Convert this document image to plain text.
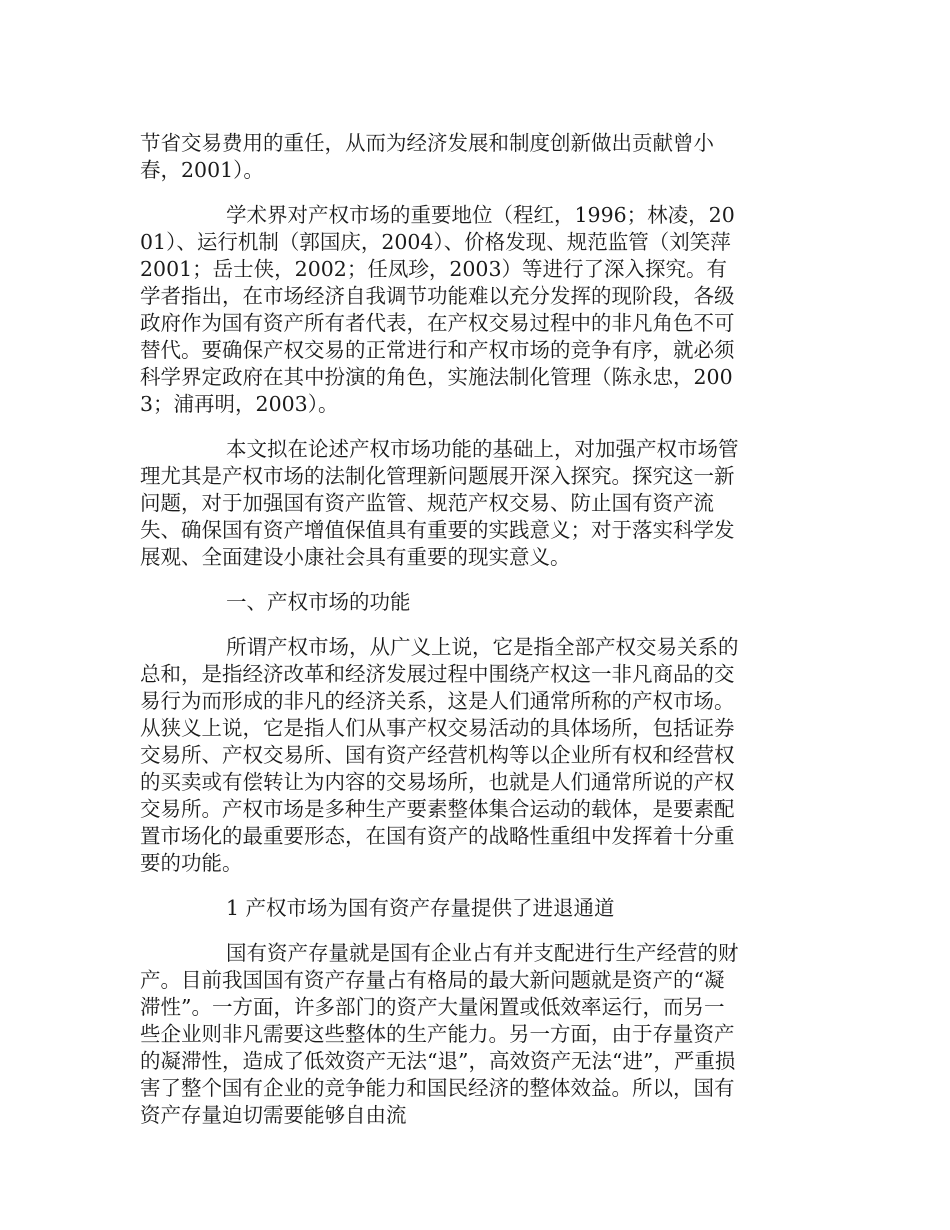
节省交易费用的重任，从而为经济发展和制度创新做出贡献曾小春，2001）。

学术界对产权市场的重要地位（程红，1996；林凌，2001）、运行机制（郭国庆，2004）、价格发现、规范监管（刘笑萍 2001；岳士侠，2002；任凤珍，2003）等进行了深入探究。有学者指出，在市场经济自我调节功能难以充分发挥的现阶段，各级政府作为国有资产所有者代表，在产权交易过程中的非凡角色不可替代。要确保产权交易的正常进行和产权市场的竞争有序，就必须科学界定政府在其中扮演的角色，实施法制化管理（陈永忠，2003；浦再明，2003）。

本文拟在论述产权市场功能的基础上，对加强产权市场管理尤其是产权市场的法制化管理新问题展开深入探究。探究这一新问题，对于加强国有资产监管、规范产权交易、防止国有资产流失、确保国有资产增值保值具有重要的实践意义；对于落实科学发展观、全面建设小康社会具有重要的现实意义。

一、产权市场的功能

所谓产权市场，从广义上说，它是指全部产权交易关系的总和，是指经济改革和经济发展过程中围绕产权这一非凡商品的交易行为而形成的非凡的经济关系，这是人们通常所称的产权市场。从狭义上说，它是指人们从事产权交易活动的具体场所，包括证券交易所、产权交易所、国有资产经营机构等以企业所有权和经营权的买卖或有偿转让为内容的交易场所，也就是人们通常所说的产权交易所。产权市场是多种生产要素整体集合运动的载体，是要素配置市场化的最重要形态，在国有资产的战略性重组中发挥着十分重要的功能。

1 产权市场为国有资产存量提供了进退通道

国有资产存量就是国有企业占有并支配进行生产经营的财产。目前我国国有资产存量占有格局的最大新问题就是资产的“凝滞性”。一方面，许多部门的资产大量闲置或低效率运行，而另一些企业则非凡需要这些整体的生产能力。另一方面，由于存量资产的凝滞性，造成了低效资产无法“退”，高效资产无法“进”，严重损害了整个国有企业的竞争能力和国民经济的整体效益。所以，国有资产存量迫切需要能够自由流
